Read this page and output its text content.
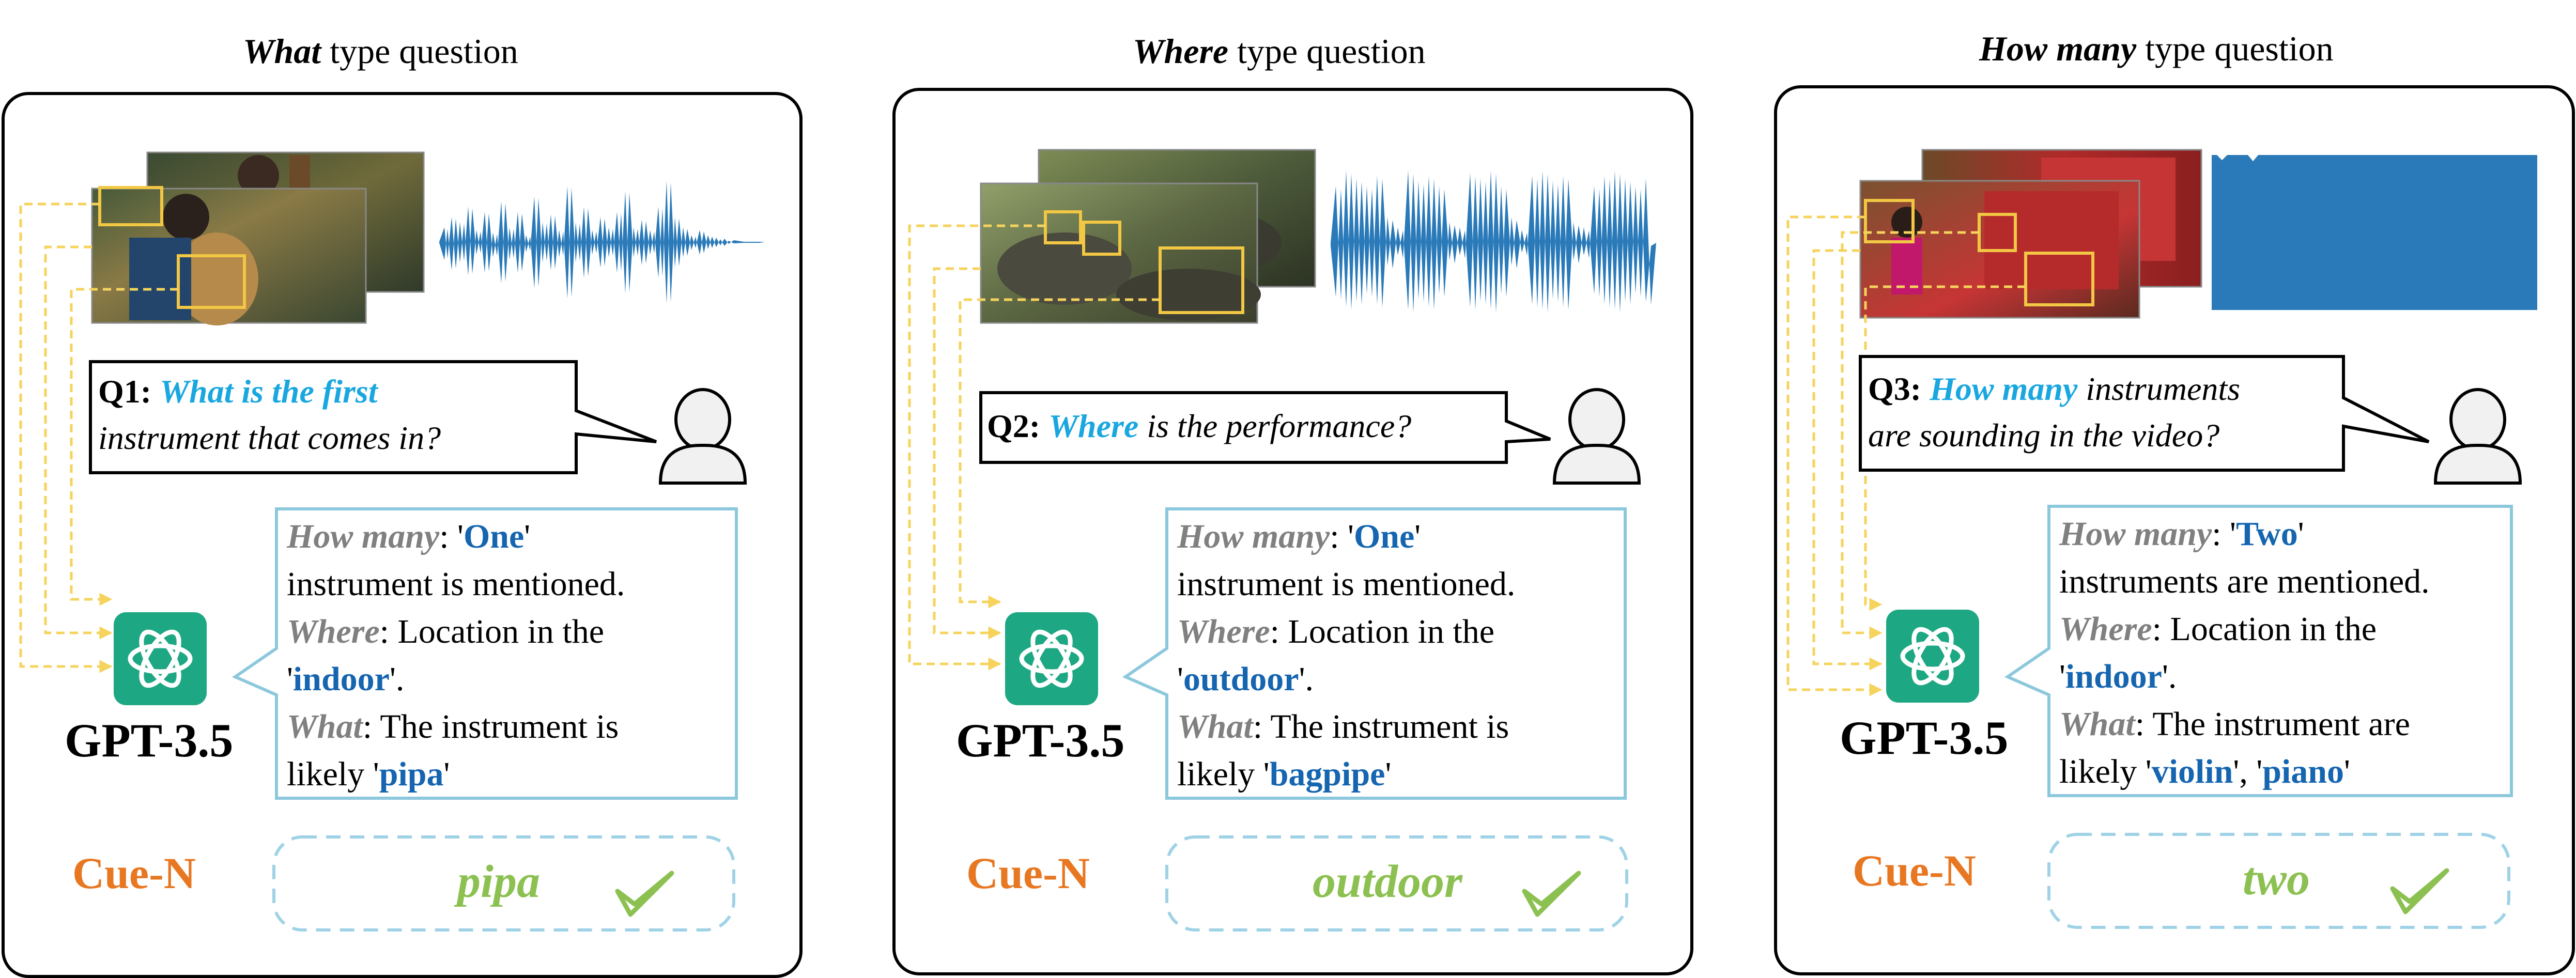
What type question	Where type question	How many type question
Q1: What is the first
instrument that comes in?	Q2: Where is the performance?
Q3: How many instruments
are sounding in the video?
How many: 'One'
instrument is mentioned.
Where: Location in the
'indoor'.
What: The instrument is
likely 'pipa'
How many: 'One'
instrument is mentioned.
Where: Location in the
'outdoor'.
What: The instrument is
likely 'bagpipe'
How many: 'Two'
instruments are mentioned.
Where: Location in the
'indoor'.
What: The instrument are
likely 'violin', 'piano'
GPT-3.5	GPT-3.5	GPT-3.5
Cue-N	Cue-N	Cue-N
pipa	outdoor	two
